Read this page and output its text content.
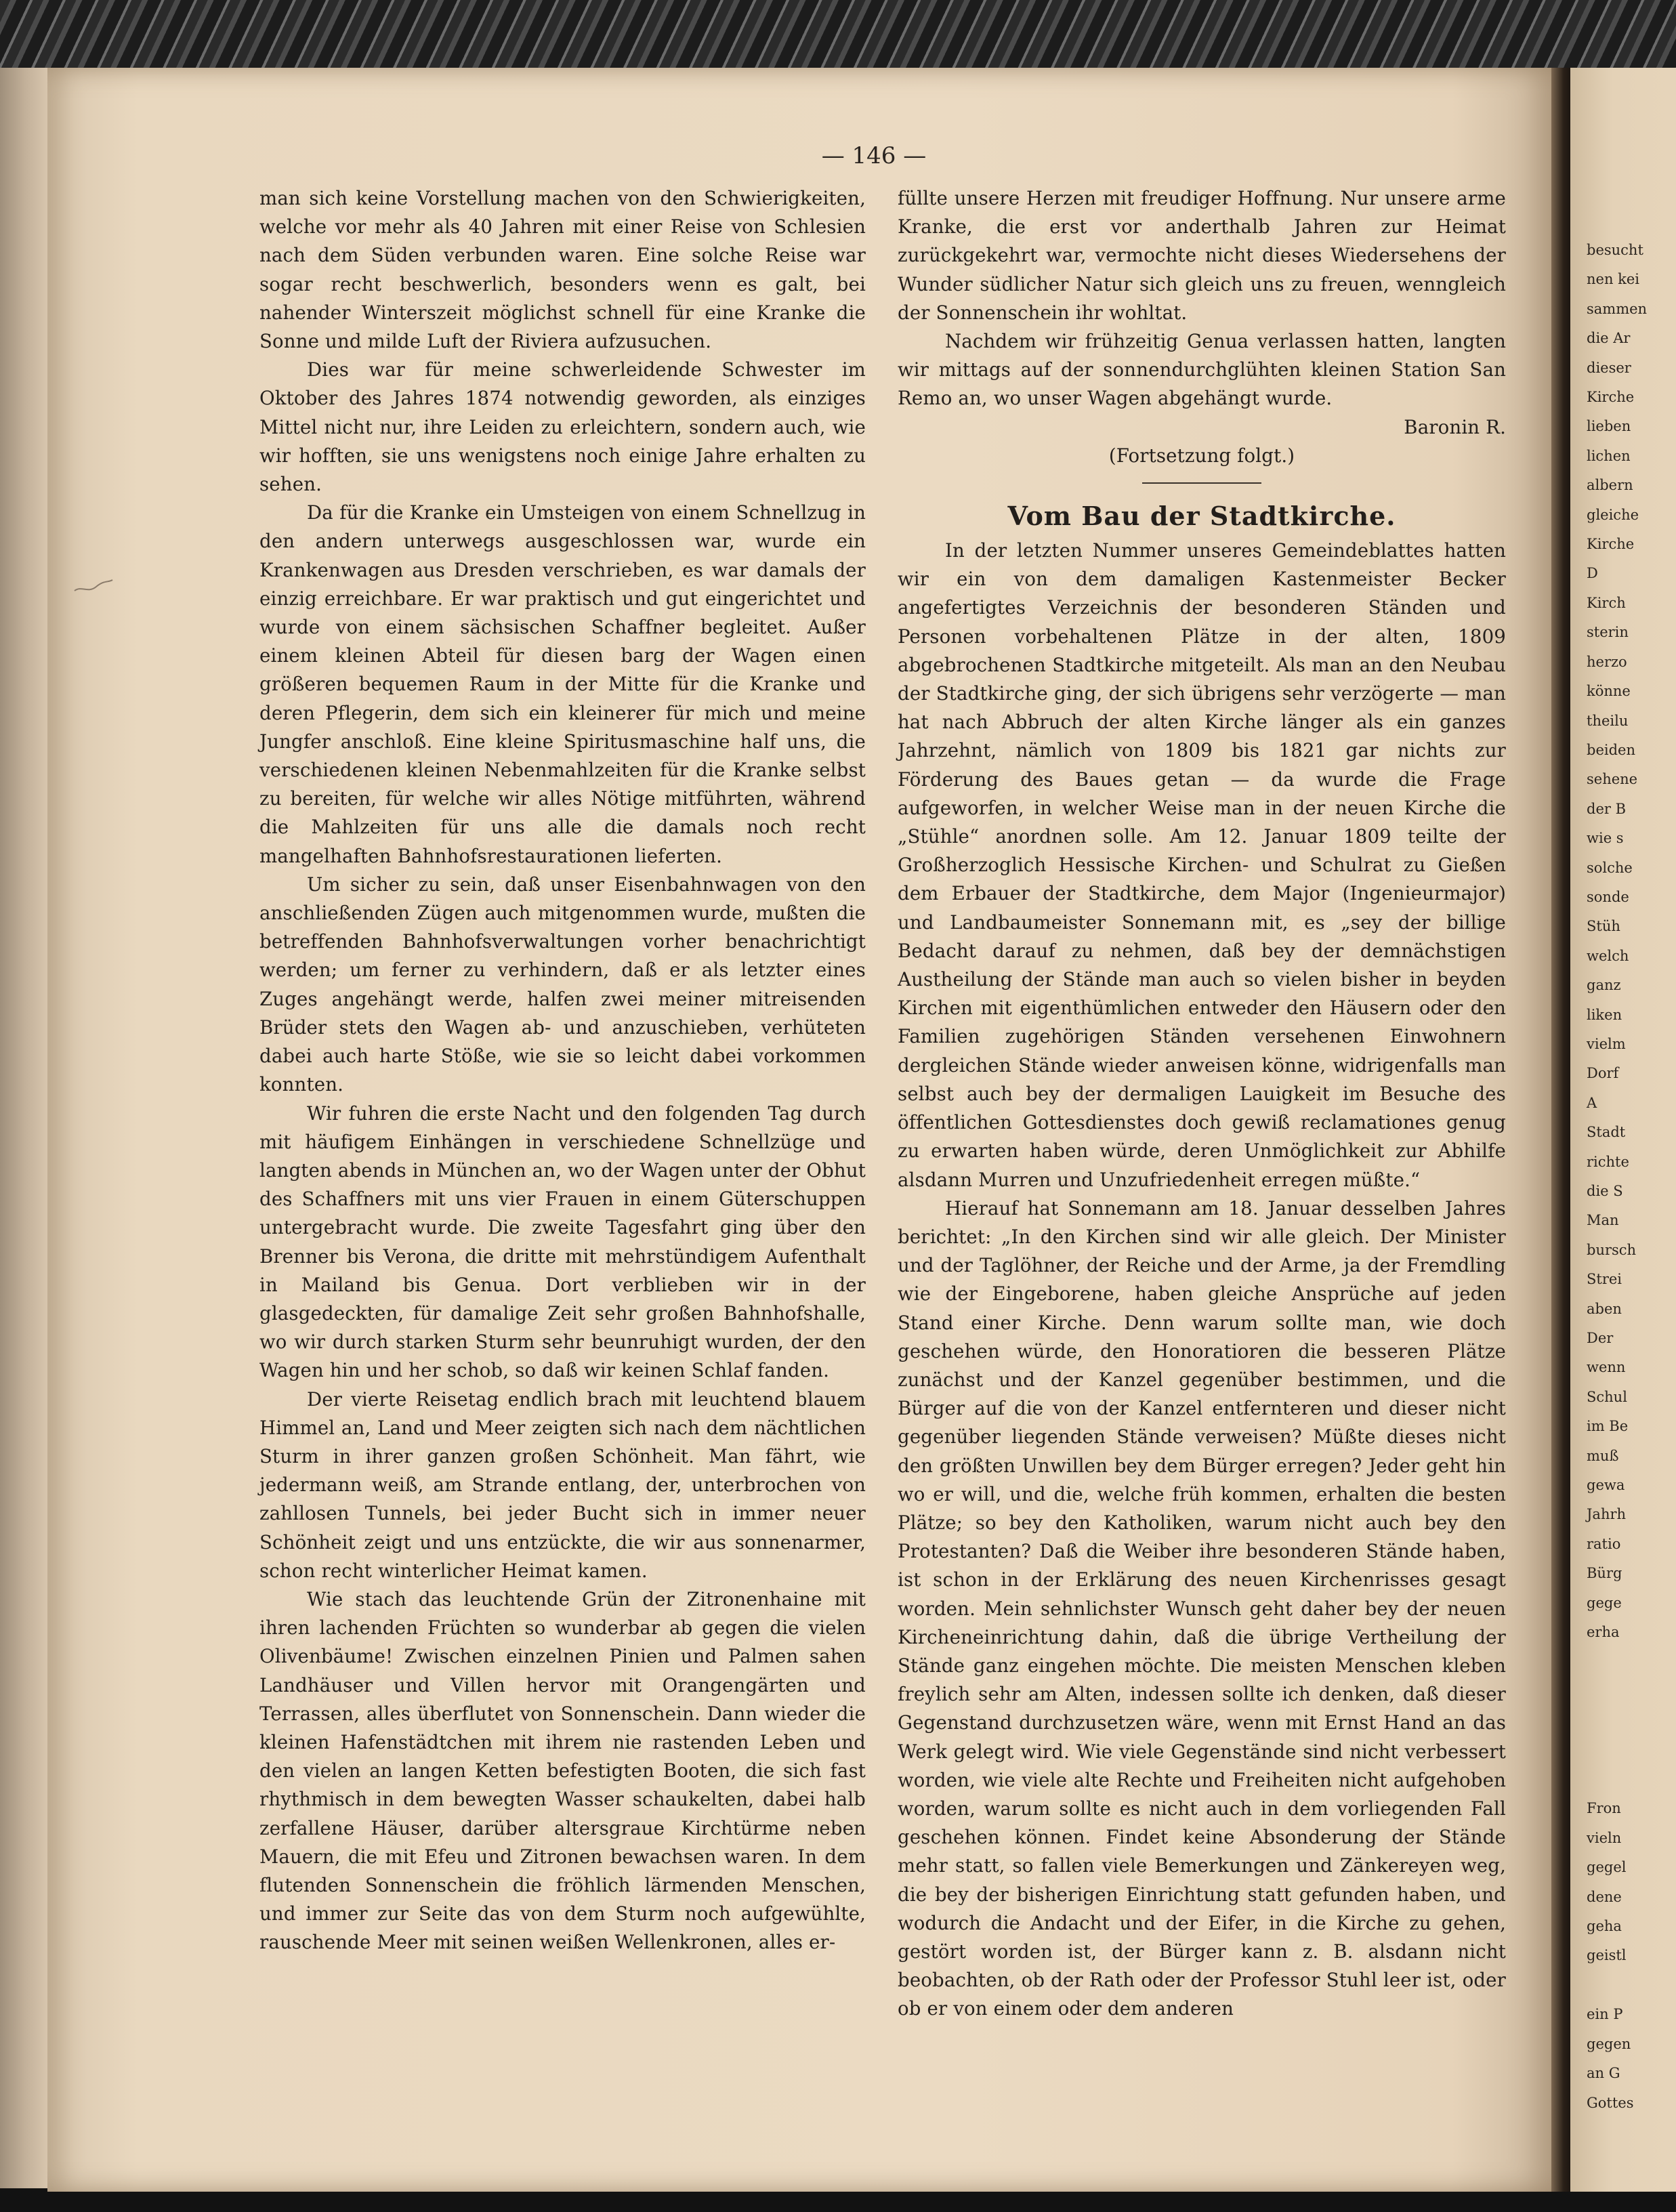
— 146 —

man sich keine Vorstellung machen von den Schwierigkeiten, welche vor mehr als 40 Jahren mit einer Reise von Schlesien nach dem Süden verbunden waren. Eine solche Reise war sogar recht beschwerlich, besonders wenn es galt, bei nahender Winterszeit möglichst schnell für eine Kranke die Sonne und milde Luft der Riviera aufzusuchen.

Dies war für meine schwerleidende Schwester im Oktober des Jahres 1874 notwendig geworden, als einziges Mittel nicht nur, ihre Leiden zu erleichtern, sondern auch, wie wir hofften, sie uns wenigstens noch einige Jahre erhalten zu sehen.

Da für die Kranke ein Umsteigen von einem Schnellzug in den andern unterwegs ausgeschlossen war, wurde ein Krankenwagen aus Dresden verschrieben, es war damals der einzig erreichbare. Er war praktisch und gut eingerichtet und wurde von einem sächsischen Schaffner begleitet. Außer einem kleinen Abteil für diesen barg der Wagen einen größeren bequemen Raum in der Mitte für die Kranke und deren Pflegerin, dem sich ein kleinerer für mich und meine Jungfer anschloß. Eine kleine Spiritusmaschine half uns, die verschiedenen kleinen Nebenmahlzeiten für die Kranke selbst zu bereiten, für welche wir alles Nötige mitführten, während die Mahlzeiten für uns alle die damals noch recht mangelhaften Bahnhofsrestaurationen lieferten.

Um sicher zu sein, daß unser Eisenbahnwagen von den anschließenden Zügen auch mitgenommen wurde, mußten die betreffenden Bahnhofsverwaltungen vorher benachrichtigt werden; um ferner zu verhindern, daß er als letzter eines Zuges angehängt werde, halfen zwei meiner mitreisenden Brüder stets den Wagen ab- und anzuschieben, verhüteten dabei auch harte Stöße, wie sie so leicht dabei vorkommen konnten.

Wir fuhren die erste Nacht und den folgenden Tag durch mit häufigem Einhängen in verschiedene Schnellzüge und langten abends in München an, wo der Wagen unter der Obhut des Schaffners mit uns vier Frauen in einem Güterschuppen untergebracht wurde. Die zweite Tagesfahrt ging über den Brenner bis Verona, die dritte mit mehrstündigem Aufenthalt in Mailand bis Genua. Dort verblieben wir in der glasgedeckten, für damalige Zeit sehr großen Bahnhofshalle, wo wir durch starken Sturm sehr beunruhigt wurden, der den Wagen hin und her schob, so daß wir keinen Schlaf fanden.

Der vierte Reisetag endlich brach mit leuchtend blauem Himmel an, Land und Meer zeigten sich nach dem nächtlichen Sturm in ihrer ganzen großen Schönheit. Man fährt, wie jedermann weiß, am Strande entlang, der, unterbrochen von zahllosen Tunnels, bei jeder Bucht sich in immer neuer Schönheit zeigt und uns entzückte, die wir aus sonnenarmer, schon recht winterlicher Heimat kamen.

Wie stach das leuchtende Grün der Zitronenhaine mit ihren lachenden Früchten so wunderbar ab gegen die vielen Olivenbäume! Zwischen einzelnen Pinien und Palmen sahen Landhäuser und Villen hervor mit Orangengärten und Terrassen, alles überflutet von Sonnenschein. Dann wieder die kleinen Hafenstädtchen mit ihrem nie rastenden Leben und den vielen an langen Ketten befestigten Booten, die sich fast rhythmisch in dem bewegten Wasser schaukelten, dabei halb zerfallene Häuser, darüber altersgraue Kirchtürme neben Mauern, die mit Efeu und Zitronen bewachsen waren. In dem flutenden Sonnenschein die fröhlich lärmenden Menschen, und immer zur Seite das von dem Sturm noch aufgewühlte, rauschende Meer mit seinen weißen Wellenkronen, alles er-

füllte unsere Herzen mit freudiger Hoffnung. Nur unsere arme Kranke, die erst vor anderthalb Jahren zur Heimat zurückgekehrt war, vermochte nicht dieses Wiedersehens der Wunder südlicher Natur sich gleich uns zu freuen, wenngleich der Sonnenschein ihr wohltat.

Nachdem wir frühzeitig Genua verlassen hatten, langten wir mittags auf der sonnendurchglühten kleinen Station San Remo an, wo unser Wagen abgehängt wurde.

Baronin R.

(Fortsetzung folgt.)

Vom Bau der Stadtkirche.

In der letzten Nummer unseres Gemeindeblattes hatten wir ein von dem damaligen Kastenmeister Becker angefertigtes Verzeichnis der besonderen Ständen und Personen vorbehaltenen Plätze in der alten, 1809 abgebrochenen Stadtkirche mitgeteilt. Als man an den Neubau der Stadtkirche ging, der sich übrigens sehr verzögerte — man hat nach Abbruch der alten Kirche länger als ein ganzes Jahrzehnt, nämlich von 1809 bis 1821 gar nichts zur Förderung des Baues getan — da wurde die Frage aufgeworfen, in welcher Weise man in der neuen Kirche die „Stühle“ anordnen solle. Am 12. Januar 1809 teilte der Großherzoglich Hessische Kirchen- und Schulrat zu Gießen dem Erbauer der Stadtkirche, dem Major (Ingenieurmajor) und Landbaumeister Sonnemann mit, es „sey der billige Bedacht darauf zu nehmen, daß bey der demnächstigen Austheilung der Stände man auch so vielen bisher in beyden Kirchen mit eigenthümlichen entweder den Häusern oder den Familien zugehörigen Ständen versehenen Einwohnern dergleichen Stände wieder anweisen könne, widrigenfalls man selbst auch bey der dermaligen Lauigkeit im Besuche des öffentlichen Gottesdienstes doch gewiß reclamationes genug zu erwarten haben würde, deren Unmöglichkeit zur Abhilfe alsdann Murren und Unzufriedenheit erregen müßte.“

Hierauf hat Sonnemann am 18. Januar desselben Jahres berichtet: „In den Kirchen sind wir alle gleich. Der Minister und der Taglöhner, der Reiche und der Arme, ja der Fremdling wie der Eingeborene, haben gleiche Ansprüche auf jeden Stand einer Kirche. Denn warum sollte man, wie doch geschehen würde, den Honoratioren die besseren Plätze zunächst und der Kanzel gegenüber bestimmen, und die Bürger auf die von der Kanzel entfernteren und dieser nicht gegenüber liegenden Stände verweisen? Müßte dieses nicht den größten Unwillen bey dem Bürger erregen? Jeder geht hin wo er will, und die, welche früh kommen, erhalten die besten Plätze; so bey den Katholiken, warum nicht auch bey den Protestanten? Daß die Weiber ihre besonderen Stände haben, ist schon in der Erklärung des neuen Kirchenrisses gesagt worden. Mein sehnlichster Wunsch geht daher bey der neuen Kircheneinrichtung dahin, daß die übrige Vertheilung der Stände ganz eingehen möchte. Die meisten Menschen kleben freylich sehr am Alten, indessen sollte ich denken, daß dieser Gegenstand durchzusetzen wäre, wenn mit Ernst Hand an das Werk gelegt wird. Wie viele Gegenstände sind nicht verbessert worden, wie viele alte Rechte und Freiheiten nicht aufgehoben worden, warum sollte es nicht auch in dem vorliegenden Fall geschehen können. Findet keine Absonderung der Stände mehr statt, so fallen viele Bemerkungen und Zänkereyen weg, die bey der bisherigen Einrichtung statt gefunden haben, und wodurch die Andacht und der Eifer, in die Kirche zu gehen, gestört worden ist, der Bürger kann z. B. alsdann nicht beobachten, ob der Rath oder der Professor Stuhl leer ist, oder ob er von einem oder dem anderen

besucht
nen kei
sammen
die Ar
dieser
Kirche
lieben
lichen
albern
gleiche
Kirche
D
Kirch
sterin
herzo
könne
theilu
beiden
sehene
der B
wie s
solche
sonde
Stüh
welch
ganz
liken
vielm
Dorf
A
Stadt
richte
die S
Man
bursch
Strei
aben
Der
wenn
Schul
im Be
muß
gewa
Jahrh
ratio
Bürg
gege
erha
Fron
vieln
gegel
dene
geha
geistl
ein P
gegen
an G
Gottes
